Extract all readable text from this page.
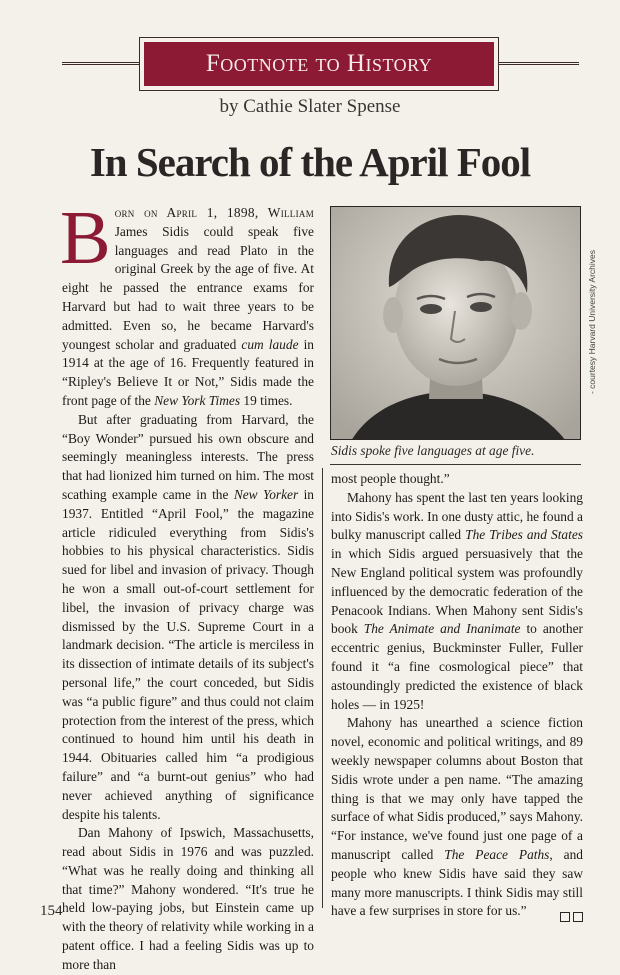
Footnote to History
by Cathie Slater Spense
In Search of the April Fool

Born on April 1, 1898, William James Sidis could speak five languages and read Plato in the original Greek by the age of five. At eight he passed the entrance exams for Harvard but had to wait three years to be admitted. Even so, he became Harvard's youngest scholar and graduated cum laude in 1914 at the age of 16. Frequently featured in “Ripley's Believe It or Not,” Sidis made the front page of the New York Times 19 times.

But after graduating from Harvard, the “Boy Wonder” pursued his own obscure and seemingly meaningless interests. The press that had lionized him turned on him. The most scathing example came in the New Yorker in 1937. Entitled “April Fool,” the magazine article ridiculed everything from Sidis's hobbies to his physical characteristics. Sidis sued for libel and invasion of privacy. Though he won a small out-of-court settlement for libel, the invasion of privacy charge was dismissed by the U.S. Supreme Court in a landmark decision. “The article is merciless in its dissection of intimate details of its subject's personal life,” the court conceded, but Sidis was “a public figure” and thus could not claim protection from the interest of the press, which continued to hound him until his death in 1944. Obituaries called him “a prodigious failure” and “a burnt-out genius” who had never achieved anything of significance despite his talents.

Dan Mahony of Ipswich, Massachusetts, read about Sidis in 1976 and was puzzled. “What was he really doing and thinking all that time?” Mahony wondered. “It's true he held low-paying jobs, but Einstein came up with the theory of relativity while working in a patent office. I had a feeling Sidis was up to more than

- courtesy Harvard University Archives
Sidis spoke five languages at age five.

most people thought.”

Mahony has spent the last ten years looking into Sidis's work. In one dusty attic, he found a bulky manuscript called The Tribes and States in which Sidis argued persuasively that the New England political system was profoundly influenced by the democratic federation of the Penacook Indians. When Mahony sent Sidis's book The Animate and Inanimate to another eccentric genius, Buckminster Fuller, Fuller found it “a fine cosmological piece” that astoundingly predicted the existence of black holes — in 1925!

Mahony has unearthed a science fiction novel, economic and political writings, and 89 weekly newspaper columns about Boston that Sidis wrote under a pen name. “The amazing thing is that we may only have tapped the surface of what Sidis produced,” says Mahony. “For instance, we've found just one page of a manuscript called The Peace Paths, and people who knew Sidis have said they saw many more manuscripts. I think Sidis may still have a few surprises in store for us.”

154
